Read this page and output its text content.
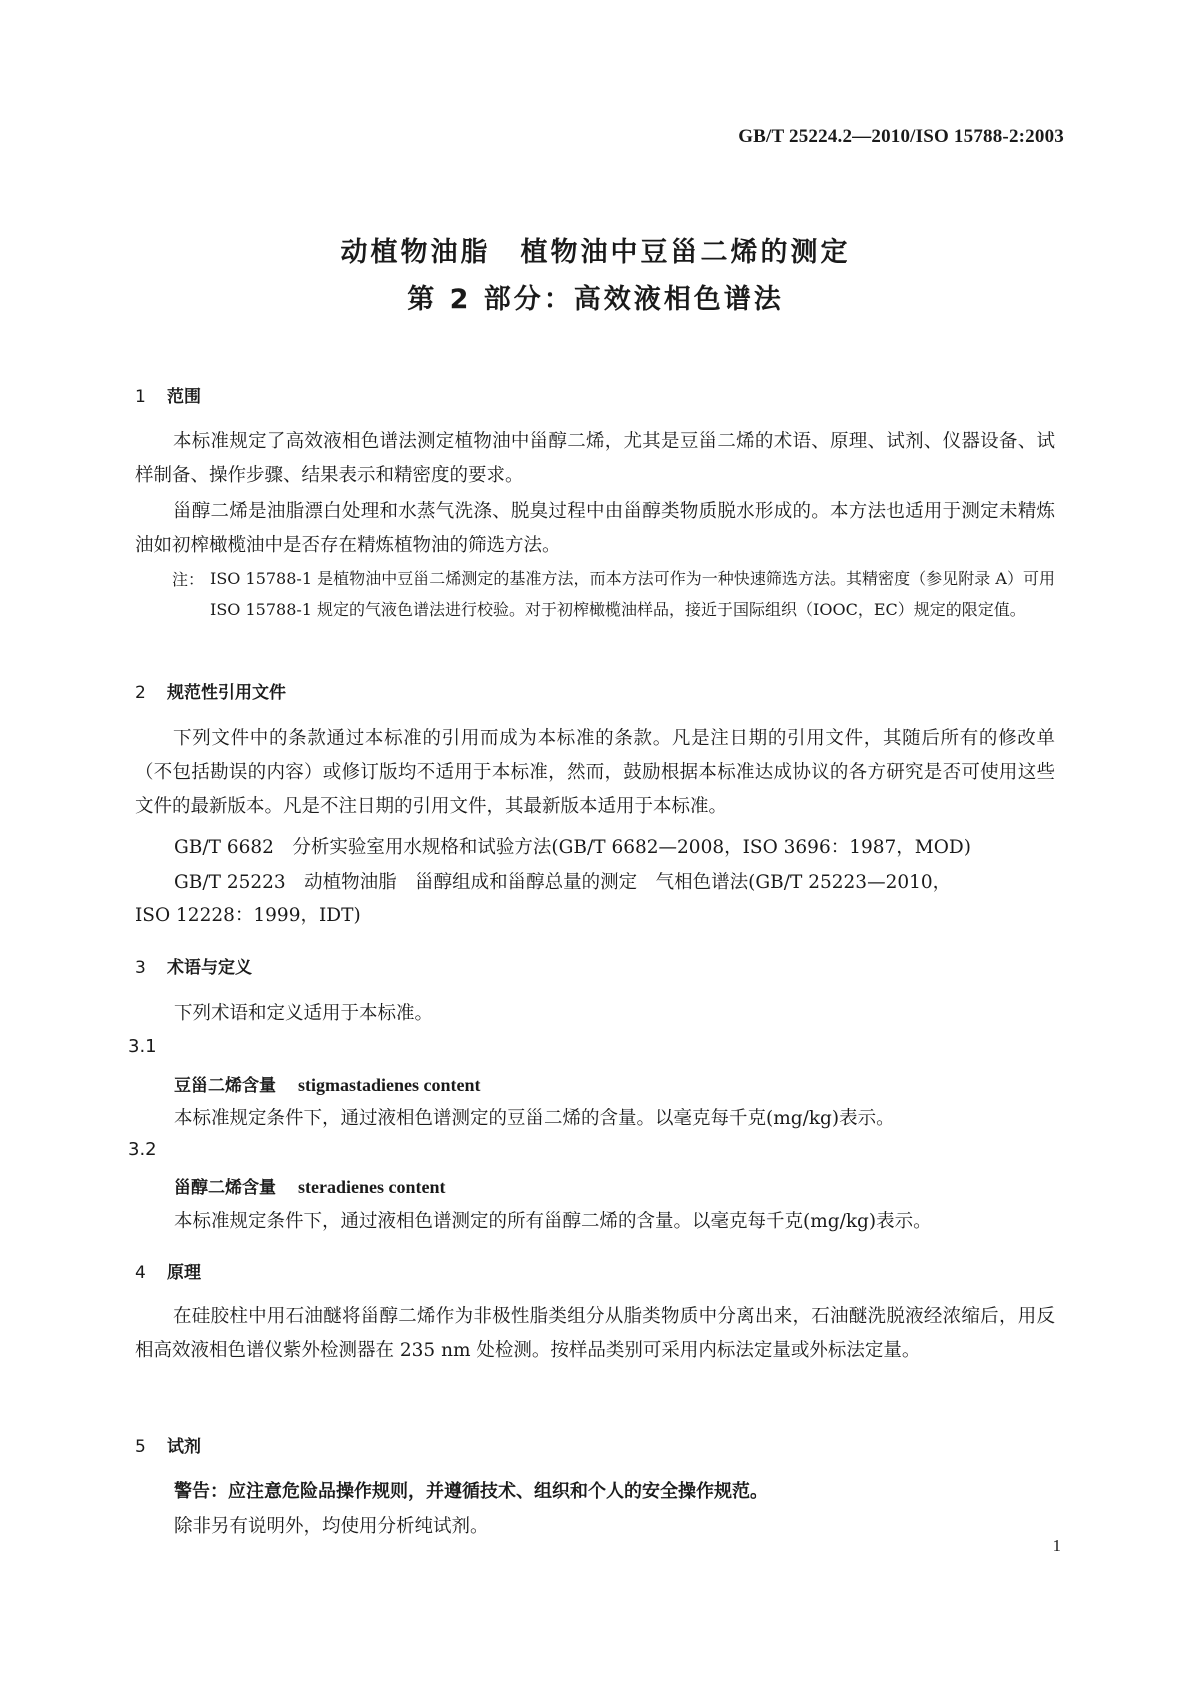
GB/T 25224.2—2010/ISO 15788-2:2003
动植物油脂　植物油中豆甾二烯的测定
第 2 部分：高效液相色谱法
1 范围
本标准规定了高效液相色谱法测定植物油中甾醇二烯，尤其是豆甾二烯的术语、原理、试剂、仪器设备、试样制备、操作步骤、结果表示和精密度的要求。
甾醇二烯是油脂漂白处理和水蒸气洗涤、脱臭过程中由甾醇类物质脱水形成的。本方法也适用于测定未精炼油如初榨橄榄油中是否存在精炼植物油的筛选方法。
注： ISO 15788-1 是植物油中豆甾二烯测定的基准方法，而本方法可作为一种快速筛选方法。其精密度（参见附录 A）可用 ISO 15788-1 规定的气液色谱法进行校验。对于初榨橄榄油样品，接近于国际组织（IOOC，EC）规定的限定值。
2 规范性引用文件
下列文件中的条款通过本标准的引用而成为本标准的条款。凡是注日期的引用文件，其随后所有的修改单（不包括勘误的内容）或修订版均不适用于本标准，然而，鼓励根据本标准达成协议的各方研究是否可使用这些文件的最新版本。凡是不注日期的引用文件，其最新版本适用于本标准。
GB/T 6682　分析实验室用水规格和试验方法(GB/T 6682—2008，ISO 3696：1987，MOD)
GB/T 25223　动植物油脂　甾醇组成和甾醇总量的测定　气相色谱法(GB/T 25223—2010，
ISO 12228：1999，IDT)
3 术语与定义
下列术语和定义适用于本标准。
3.1
豆甾二烯含量 stigmastadienes content
本标准规定条件下，通过液相色谱测定的豆甾二烯的含量。以毫克每千克(mg/kg)表示。
3.2
甾醇二烯含量 steradienes content
本标准规定条件下，通过液相色谱测定的所有甾醇二烯的含量。以毫克每千克(mg/kg)表示。
4 原理
在硅胶柱中用石油醚将甾醇二烯作为非极性脂类组分从脂类物质中分离出来，石油醚洗脱液经浓缩后，用反相高效液相色谱仪紫外检测器在 235 nm 处检测。按样品类别可采用内标法定量或外标法定量。
5 试剂
警告：应注意危险品操作规则，并遵循技术、组织和个人的安全操作规范。
除非另有说明外，均使用分析纯试剂。
1
